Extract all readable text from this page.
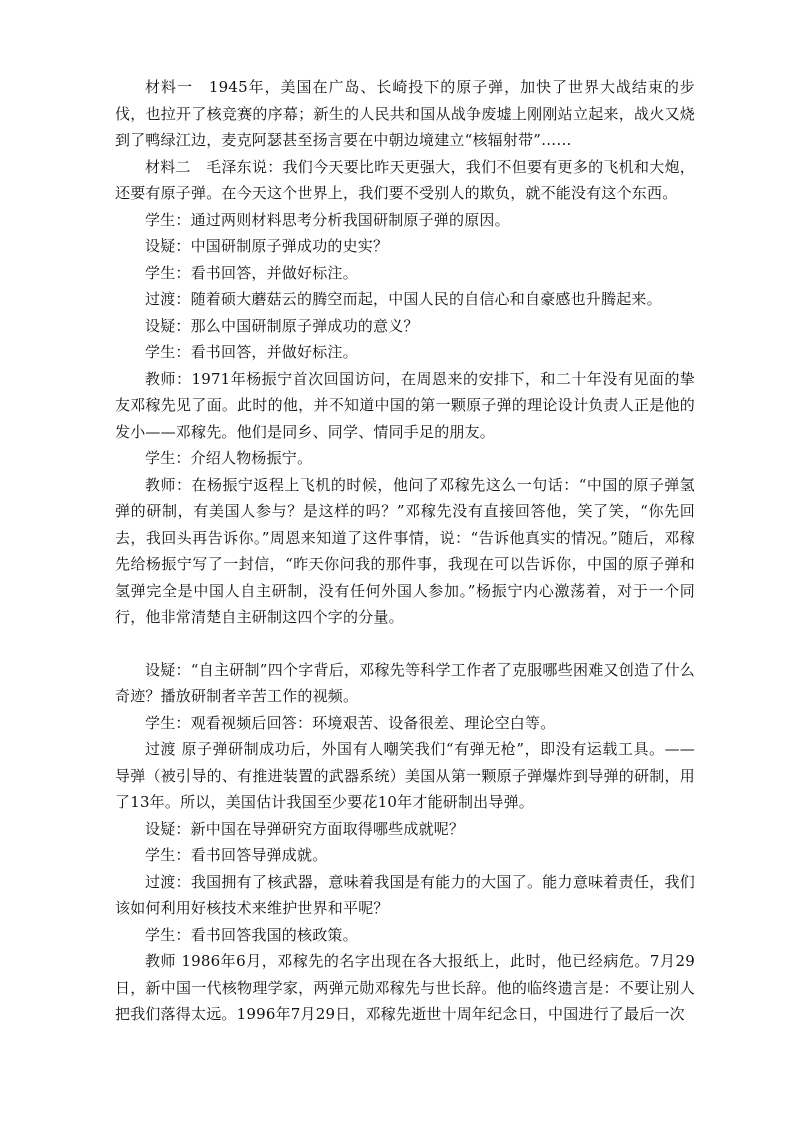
材料一　1945年，美国在广岛、长崎投下的原子弹，加快了世界大战结束的步伐，也拉开了核竞赛的序幕；新生的人民共和国从战争废墟上刚刚站立起来，战火又烧到了鸭绿江边，麦克阿瑟甚至扬言要在中朝边境建立“核辐射带”……

材料二　毛泽东说：我们今天要比昨天更强大，我们不但要有更多的飞机和大炮，还要有原子弹。在今天这个世界上，我们要不受别人的欺负，就不能没有这个东西。

学生：通过两则材料思考分析我国研制原子弹的原因。

设疑：中国研制原子弹成功的史实？

学生：看书回答，并做好标注。

过渡：随着硕大蘑菇云的腾空而起，中国人民的自信心和自豪感也升腾起来。

设疑：那么中国研制原子弹成功的意义？

学生：看书回答，并做好标注。

教师：1971年杨振宁首次回国访问，在周恩来的安排下，和二十年没有见面的挚友邓稼先见了面。此时的他，并不知道中国的第一颗原子弹的理论设计负责人正是他的发小——邓稼先。他们是同乡、同学、情同手足的朋友。

学生：介绍人物杨振宁。

教师：在杨振宁返程上飞机的时候，他问了邓稼先这么一句话：“中国的原子弹氢弹的研制，有美国人参与？是这样的吗？”邓稼先没有直接回答他，笑了笑，“你先回去，我回头再告诉你。”周恩来知道了这件事情，说：“告诉他真实的情况。”随后，邓稼先给杨振宁写了一封信，“昨天你问我的那件事，我现在可以告诉你，中国的原子弹和氢弹完全是中国人自主研制，没有任何外国人参加。”杨振宁内心激荡着，对于一个同行，他非常清楚自主研制这四个字的分量。

设疑：“自主研制”四个字背后，邓稼先等科学工作者了克服哪些困难又创造了什么奇迹？播放研制者辛苦工作的视频。

学生：观看视频后回答：环境艰苦、设备很差、理论空白等。

过渡 原子弹研制成功后，外国有人嘲笑我们“有弹无枪”，即没有运载工具。——导弹（被引导的、有推进装置的武器系统）美国从第一颗原子弹爆炸到导弹的研制，用了13年。所以，美国估计我国至少要花10年才能研制出导弹。

设疑：新中国在导弹研究方面取得哪些成就呢？

学生：看书回答导弹成就。

过渡：我国拥有了核武器，意味着我国是有能力的大国了。能力意味着责任，我们该如何利用好核技术来维护世界和平呢？

学生：看书回答我国的核政策。

教师 1986年6月，邓稼先的名字出现在各大报纸上，此时，他已经病危。7月29日，新中国一代核物理学家，两弹元勋邓稼先与世长辞。他的临终遗言是：不要让别人把我们落得太远。1996年7月29日，邓稼先逝世十周年纪念日，中国进行了最后一次
